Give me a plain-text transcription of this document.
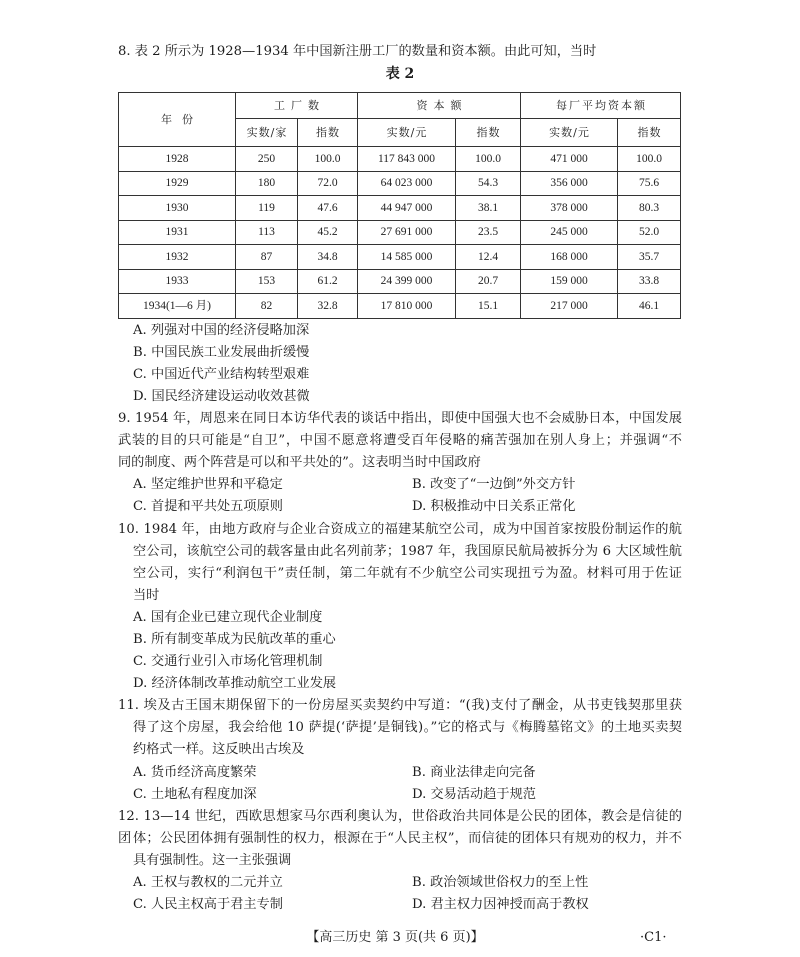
8. 表 2 所示为 1928—1934 年中国新注册工厂的数量和资本额。由此可知，当时
表 2
年份	工厂数		资本额		每厂平均资本额	
	实数/家	指数	实数/元	指数	实数/元	指数
1928	250	100.0	117 843 000	100.0	471 000	100.0
1929	180	72.0	64 023 000	54.3	356 000	75.6
1930	119	47.6	44 947 000	38.1	378 000	80.3
1931	113	45.2	27 691 000	23.5	245 000	52.0
1932	87	34.8	14 585 000	12.4	168 000	35.7
1933	153	61.2	24 399 000	20.7	159 000	33.8
1934(1—6 月)	82	32.8	17 810 000	15.1	217 000	46.1
A. 列强对中国的经济侵略加深
B. 中国民族工业发展曲折缓慢
C. 中国近代产业结构转型艰难
D. 国民经济建设运动收效甚微
9. 1954 年，周恩来在同日本访华代表的谈话中指出，即使中国强大也不会威胁日本，中国发展
武装的目的只可能是“自卫”，中国不愿意将遭受百年侵略的痛苦强加在别人身上；并强调“不
同的制度、两个阵营是可以和平共处的”。这表明当时中国政府
A. 坚定维护世界和平稳定	B. 改变了“一边倒”外交方针
C. 首提和平共处五项原则	D. 积极推动中日关系正常化
10. 1984 年，由地方政府与企业合资成立的福建某航空公司，成为中国首家按股份制运作的航
空公司，该航空公司的载客量由此名列前茅；1987 年，我国原民航局被拆分为 6 大区域性航
空公司，实行“利润包干”责任制，第二年就有不少航空公司实现扭亏为盈。材料可用于佐证
当时
A. 国有企业已建立现代企业制度
B. 所有制变革成为民航改革的重心
C. 交通行业引入市场化管理机制
D. 经济体制改革推动航空工业发展
11. 埃及古王国末期保留下的一份房屋买卖契约中写道：“(我)支付了酬金，从书吏钱契那里获
得了这个房屋，我会给他 10 萨提(‘萨提’是铜钱)。”它的格式与《梅腾墓铭文》的土地买卖契
约格式一样。这反映出古埃及
A. 货币经济高度繁荣	B. 商业法律走向完备
C. 土地私有程度加深	D. 交易活动趋于规范
12. 13—14 世纪，西欧思想家马尔西利奥认为，世俗政治共同体是公民的团体，教会是信徒的团 体；公民团体拥有强制性的权力，根源在于“人民主权”，而信徒的团体只有规劝的权力，并不
具有强制性。这一主张强调
A. 王权与教权的二元并立	B. 政治领域世俗权力的至上性
C. 人民主权高于君主专制	D. 君主权力因神授而高于教权
【高三历史 第 3 页(共 6 页)】	·C1·
